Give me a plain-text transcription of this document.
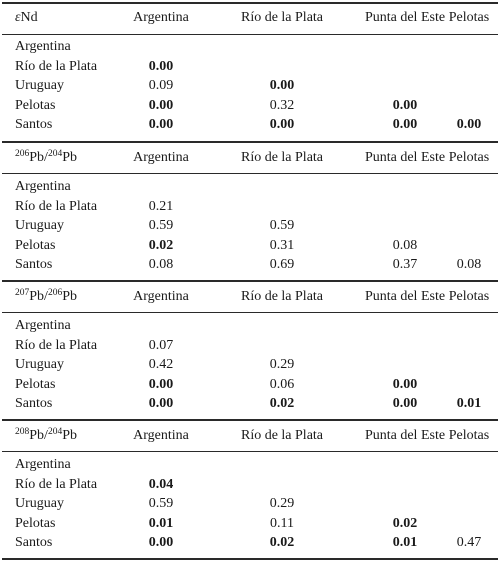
εNd	Argentina	Río de la Plata	Punta del Este Pelotas
Argentina
Río de la Plata	0.00
Uruguay	0.09	0.00
Pelotas	0.00	0.32	0.00
Santos	0.00	0.00	0.00	0.00
$^{206}$Pb/$^{204}$Pb	Argentina	Río de la Plata	Punta del Este Pelotas
Argentina
Río de la Plata	0.21
Uruguay	0.59	0.59
Pelotas	0.02	0.31	0.08
Santos	0.08	0.69	0.37	0.08
$^{207}$Pb/$^{206}$Pb	Argentina	Río de la Plata	Punta del Este Pelotas
Argentina
Río de la Plata	0.07
Uruguay	0.42	0.29
Pelotas	0.00	0.06	0.00
Santos	0.00	0.02	0.00	0.01
$^{208}$Pb/$^{204}$Pb	Argentina	Río de la Plata	Punta del Este Pelotas
Argentina
Río de la Plata	0.04
Uruguay	0.59	0.29
Pelotas	0.01	0.11	0.02
Santos	0.00	0.02	0.01	0.47
